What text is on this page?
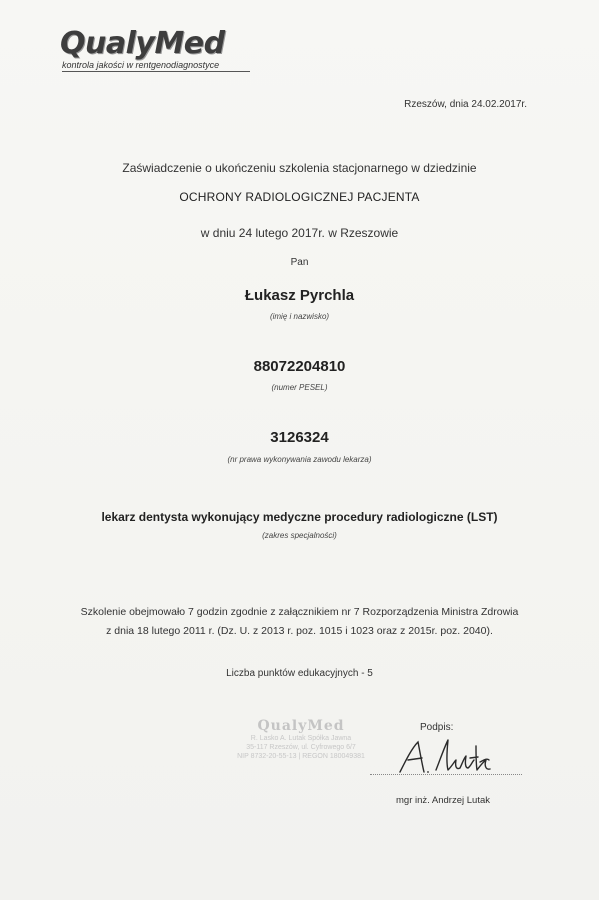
QualyMed
kontrola jakości w rentgenodiagnostyce
Rzeszów, dnia 24.02.2017r.
Zaświadczenie o ukończeniu szkolenia stacjonarnego w dziedzinie
OCHRONY RADIOLOGICZNEJ PACJENTA
w dniu 24 lutego 2017r. w Rzeszowie
Pan
Łukasz Pyrchla
(imię i nazwisko)
88072204810
(numer PESEL)
3126324
(nr prawa wykonywania zawodu lekarza)
lekarz dentysta wykonujący medyczne procedury radiologiczne (LST)
(zakres specjalności)
Szkolenie obejmowało 7 godzin zgodnie z załącznikiem nr 7 Rozporządzenia Ministra Zdrowia
z dnia 18 lutego 2011 r. (Dz. U. z 2013 r. poz. 1015 i 1023 oraz z 2015r. poz. 2040).
Liczba punktów edukacyjnych - 5
QualyMed
R. Lasko A. Lutak Spółka Jawna
35-117 Rzeszów, ul. Cyfrowego 6/7
NIP 8732-20-55-13 | REGON 180049381
Podpis:
mgr inż. Andrzej Lutak
